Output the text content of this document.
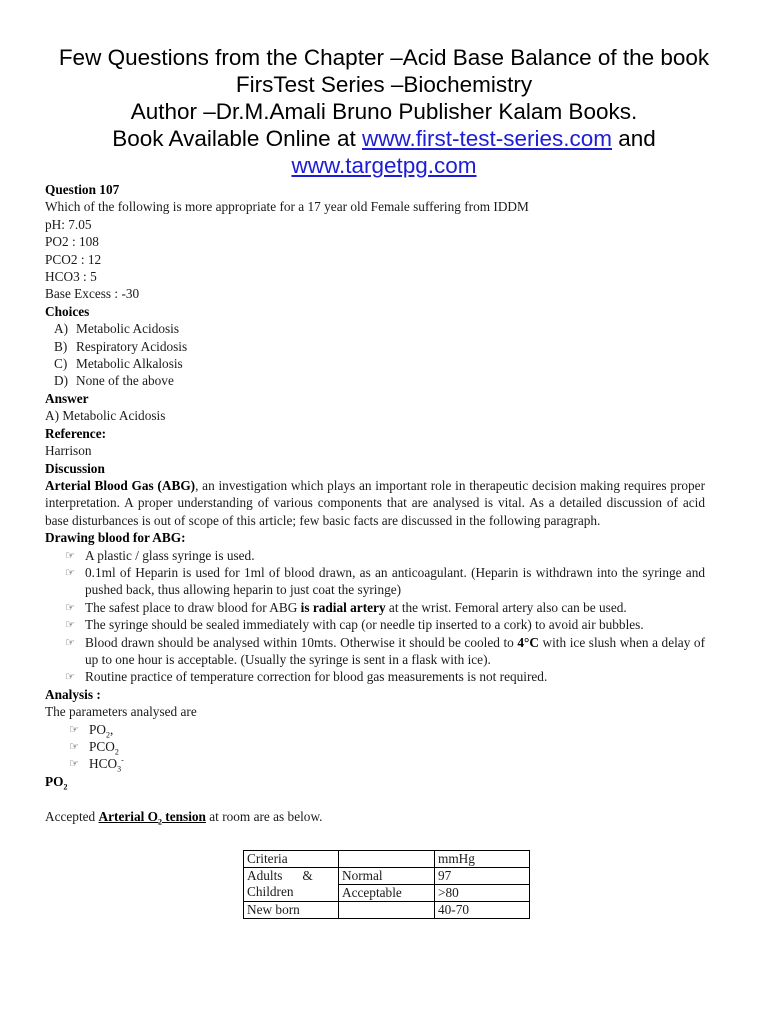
Few Questions from the Chapter –Acid Base Balance of the book
FirsTest Series –Biochemistry
Author –Dr.M.Amali Bruno Publisher Kalam Books.
Book Available Online at www.first-test-series.com and
www.targetpg.com

Question 107

Which of the following is more appropriate for a 17 year old Female suffering from IDDM

pH: 7.05

PO2 : 108

PCO2 : 12

HCO3 : 5

Base Excess : -30

Choices

A) Metabolic Acidosis

B) Respiratory Acidosis

C) Metabolic Alkalosis

D) None of the above

Answer

A) Metabolic Acidosis

Reference:

Harrison

Discussion

Arterial Blood Gas (ABG), an investigation which plays an important role in therapeutic decision making requires proper interpretation. A proper understanding of various components that are analysed is vital. As a detailed discussion of acid base disturbances is out of scope of this article; few basic facts are discussed in the following paragraph.

Drawing blood for ABG:

☞ A plastic / glass syringe is used.

☞ 0.1ml of Heparin is used for 1ml of blood drawn, as an anticoagulant. (Heparin is withdrawn into the syringe and pushed back, thus allowing heparin to just coat the syringe)

☞ The safest place to draw blood for ABG is radial artery at the wrist. Femoral artery also can be used.

☞ The syringe should be sealed immediately with cap (or needle tip inserted to a cork) to avoid air bubbles.

☞ Blood drawn should be analysed within 10mts. Otherwise it should be cooled to 4°C with ice slush when a delay of up to one hour is acceptable. (Usually the syringe is sent in a flask with ice).

☞ Routine practice of temperature correction for blood gas measurements is not required.

Analysis :

The parameters analysed are

☞ $PO_2$,

☞ $PCO_2$

☞ $HCO_3^-$

$PO_2$

Accepted Arterial $O_2$ tension at room are as below.

Criteria		mmHg
Adults      &
Children	Normal	97
	Acceptable	>80
New born		40-70
